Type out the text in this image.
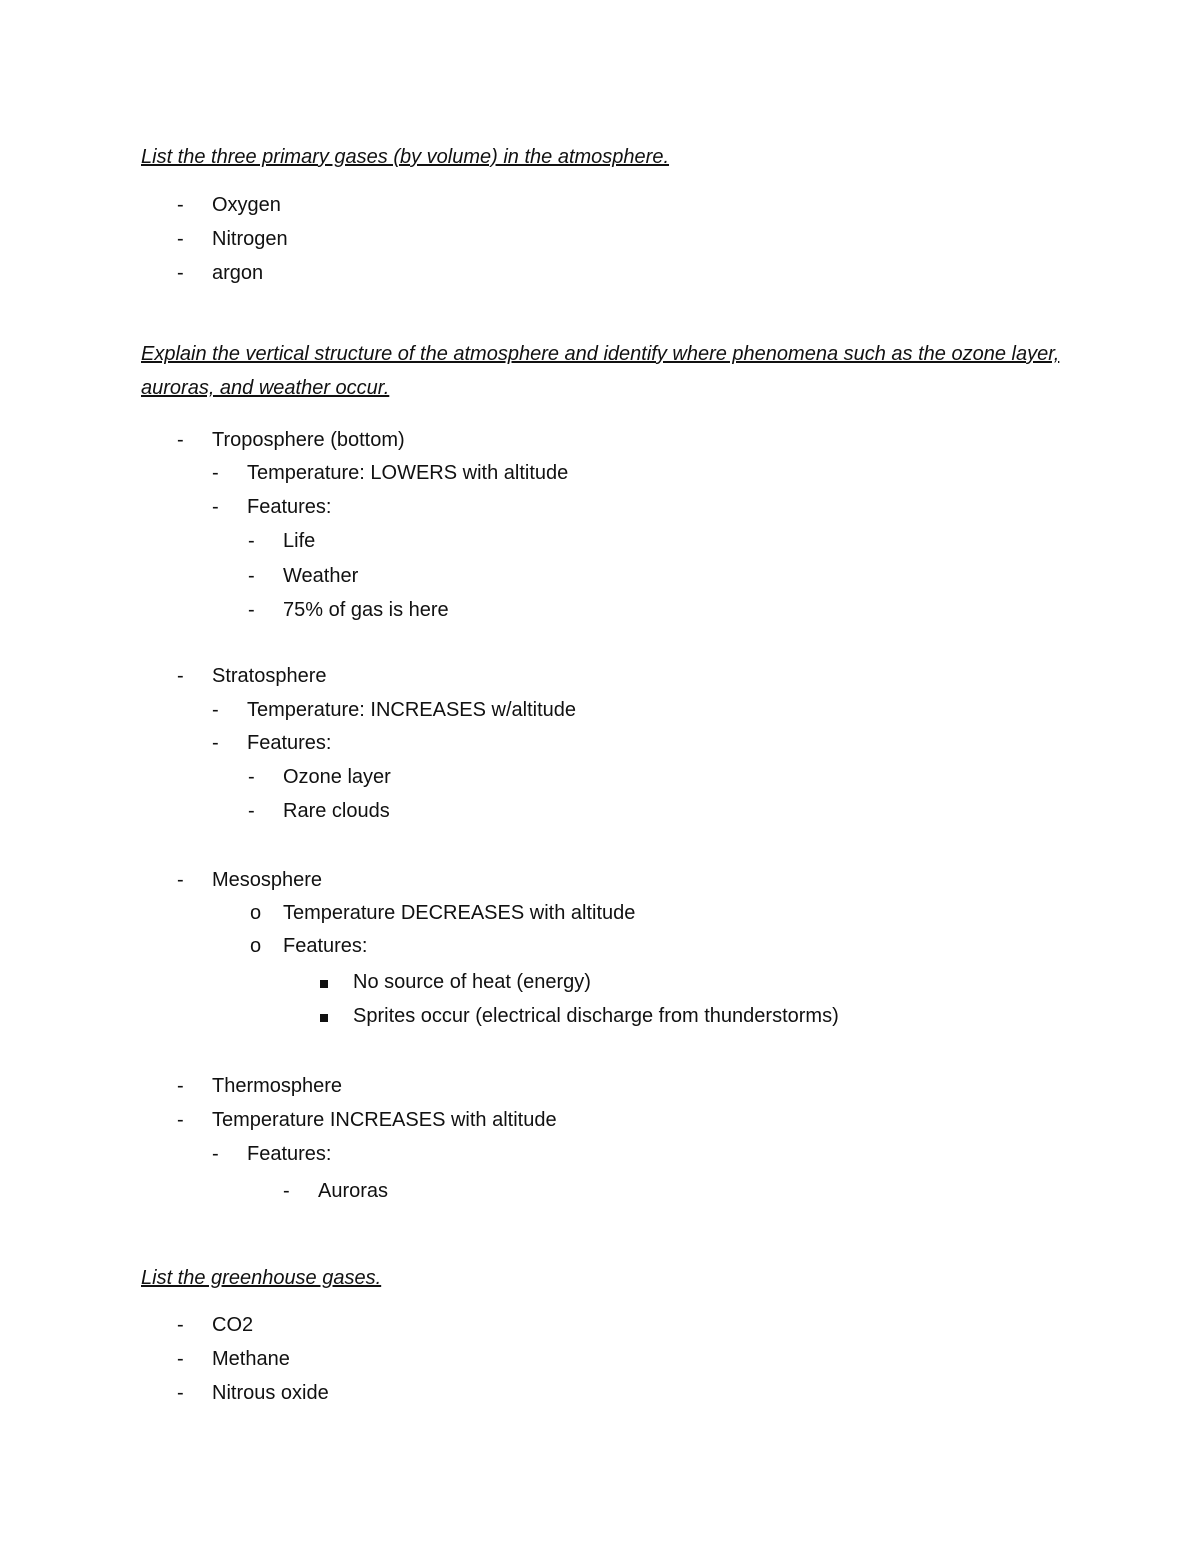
List the three primary gases (by volume) in the atmosphere.

-	Oxygen
-	Nitrogen
-	argon

Explain the vertical structure of the atmosphere and identify where phenomena such as the ozone layer, auroras, and weather occur.

-	Troposphere (bottom)
-	Temperature: LOWERS with altitude
-	Features:
-	Life
-	Weather
-	75% of gas is here
-	Stratosphere
-	Temperature: INCREASES w/altitude
-	Features:
-	Ozone layer
-	Rare clouds
-	Mesosphere
o	Temperature DECREASES with altitude
o	Features:
No source of heat (energy)
Sprites occur (electrical discharge from thunderstorms)
-	Thermosphere
-	Temperature INCREASES with altitude
-	Features:
-	Auroras

List the greenhouse gases.

-	CO2
-	Methane
-	Nitrous oxide
